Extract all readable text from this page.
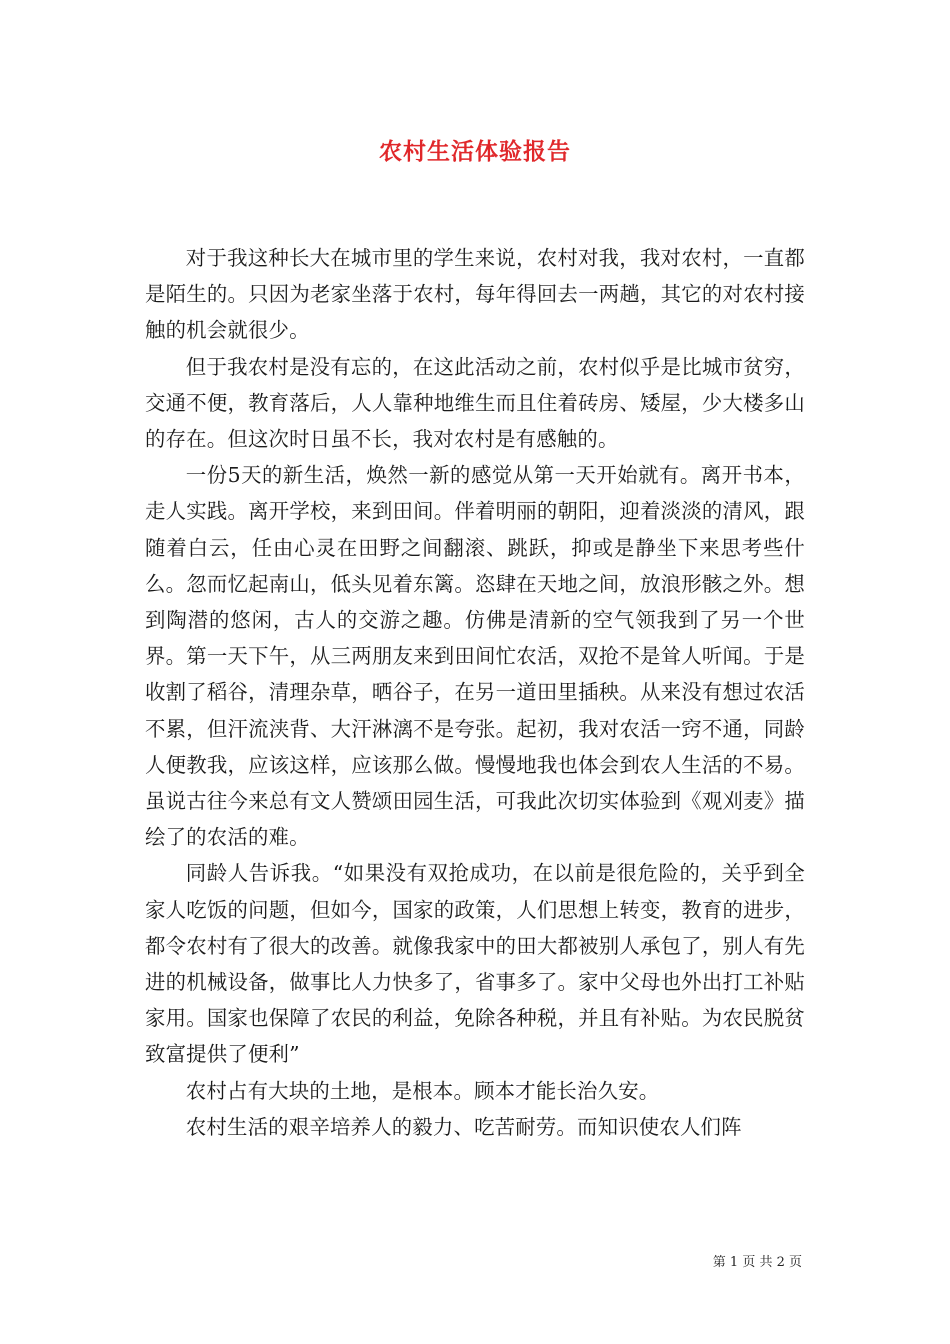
农村生活体验报告

对于我这种长大在城市里的学生来说，农村对我，我对农村，一直都是陌生的。只因为老家坐落于农村，每年得回去一两趟，其它的对农村接触的机会就很少。

但于我农村是没有忘的，在这此活动之前，农村似乎是比城市贫穷，交通不便，教育落后，人人靠种地维生而且住着砖房、矮屋，少大楼多山的存在。但这次时日虽不长，我对农村是有感触的。

一份5天的新生活，焕然一新的感觉从第一天开始就有。离开书本，走人实践。离开学校，来到田间。伴着明丽的朝阳，迎着淡淡的清风，跟随着白云，任由心灵在田野之间翻滚、跳跃，抑或是静坐下来思考些什么。忽而忆起南山，低头见着东篱。恣肆在天地之间，放浪形骸之外。想到陶潜的悠闲，古人的交游之趣。仿佛是清新的空气领我到了另一个世界。第一天下午，从三两朋友来到田间忙农活，双抢不是耸人听闻。于是收割了稻谷，清理杂草，晒谷子，在另一道田里插秧。从来没有想过农活不累，但汗流浃背、大汗淋漓不是夸张。起初，我对农活一窍不通，同龄人便教我，应该这样，应该那么做。慢慢地我也体会到农人生活的不易。虽说古往今来总有文人赞颂田园生活，可我此次切实体验到《观刈麦》描绘了的农活的难。

同龄人告诉我。“如果没有双抢成功，在以前是很危险的，关乎到全家人吃饭的问题，但如今，国家的政策，人们思想上转变，教育的进步，都令农村有了很大的改善。就像我家中的田大都被别人承包了，别人有先进的机械设备，做事比人力快多了，省事多了。家中父母也外出打工补贴家用。国家也保障了农民的利益，免除各种税，并且有补贴。为农民脱贫致富提供了便利”

农村占有大块的土地，是根本。顾本才能长治久安。

农村生活的艰辛培养人的毅力、吃苦耐劳。而知识使农人们阵

第 1 页 共 2 页
